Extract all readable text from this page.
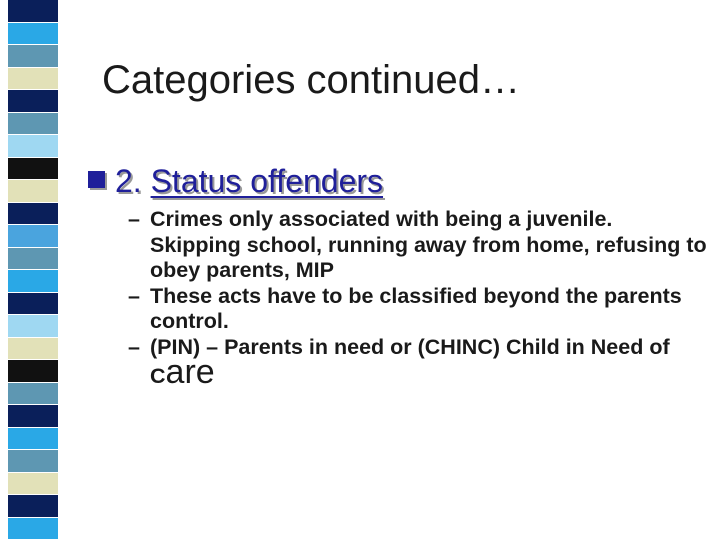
Categories continued…
2. Status offenders

– Crimes only associated with being a juvenile. Skipping school, running away from home, refusing to obey parents, MIP

– These acts have to be classified beyond the parents control.

– (PIN) – Parents in need or (CHINC) Child in Need of Care
